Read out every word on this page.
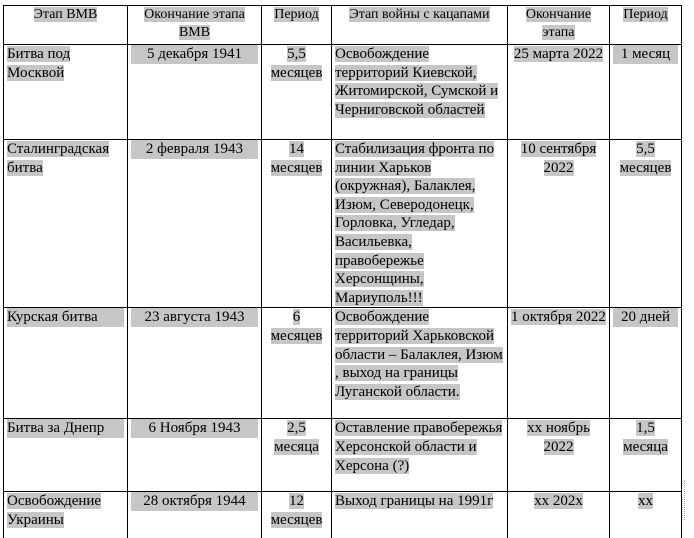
Этап ВМВ	Окончание этапа ВМВ	Период	Этап войны с кацапами	Окончание этапа	Период

Битва под Москвой	5 декабря 1941	5,5 месяцев	Освобождение территорий Киевской, Житомирской, Сумской и Черниговской областей	25 марта 2022	1 месяц

Сталинградская битва	2 февраля 1943	14 месяцев	Стабилизация фронта по линии Харьков (окружная), Балаклея, Изюм, Северодонецк, Горловка, Угледар, Васильевка, правобережье Херсонщины, Мариуполь!!!	10 сентября 2022	5,5 месяцев

Курская битва	23 августа 1943	6 месяцев	Освобождение территорий Харьковской области – Балаклея, Изюм , выход на границы Луганской области.	1 октября 2022	20 дней

Битва за Днепр	6 Ноября 1943	2,5 месяца	Оставление правобережья Херсонской области и Херсона (?)	хх ноябрь 2022	1,5 месяца

Освобождение Украины	28 октября 1944	12 месяцев	Выход границы на 1991г	хх 202х	хх
